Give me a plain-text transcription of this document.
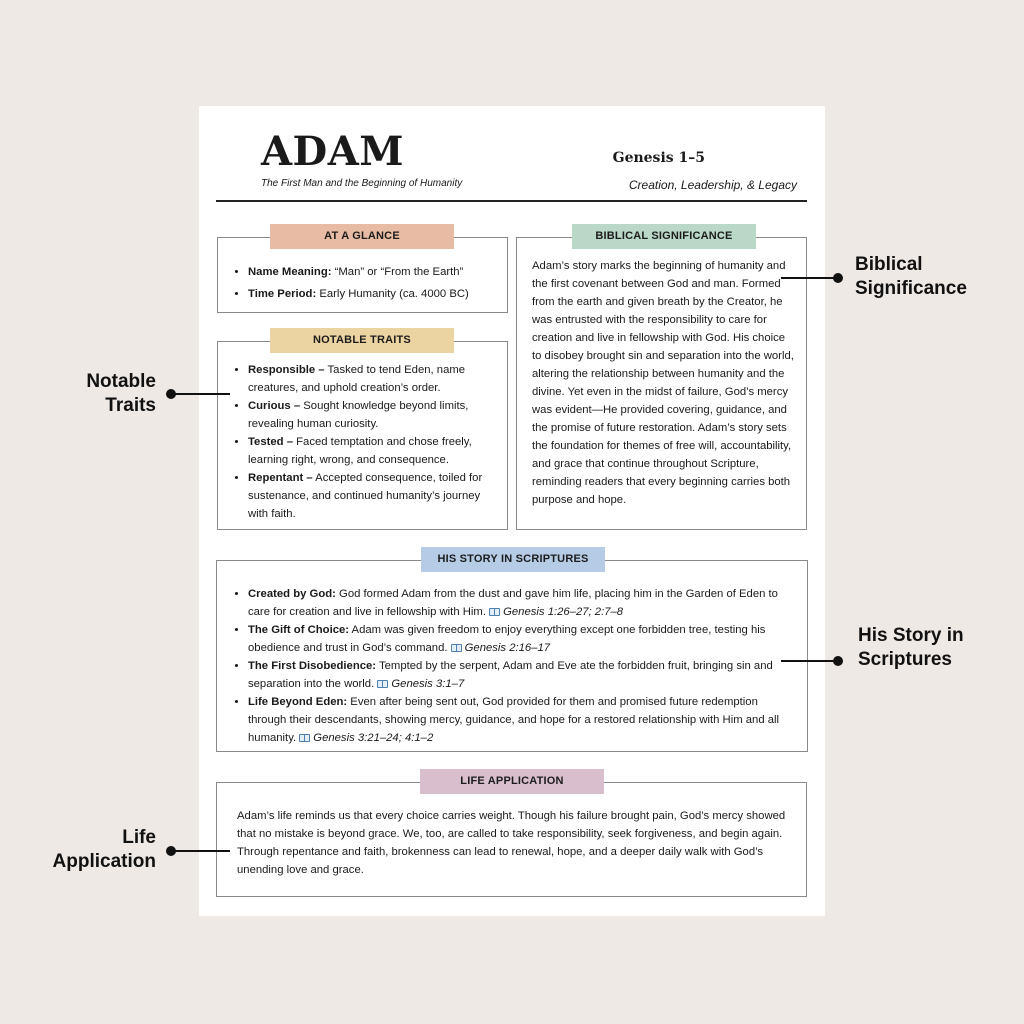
ADAM
The First Man and the Beginning of Humanity
Genesis 1–5
Creation, Leadership, & Legacy
• Name Meaning: “Man” or “From the Earth”
• Time Period: Early Humanity (ca. 4000 BC)
AT A GLANCE
• Responsible – Tasked to tend Eden, name creatures, and uphold creation’s order.
• Curious – Sought knowledge beyond limits, revealing human curiosity.
• Tested – Faced temptation and chose freely, learning right, wrong, and consequence.
• Repentant – Accepted consequence, toiled for sustenance, and continued humanity’s journey with faith.
NOTABLE TRAITS
Adam’s story marks the beginning of humanity and the first covenant between God and man. Formed from the earth and given breath by the Creator, he was entrusted with the responsibility to care for creation and live in fellowship with God. His choice to disobey brought sin and separation into the world, altering the relationship between humanity and the divine. Yet even in the midst of failure, God’s mercy was evident—He provided covering, guidance, and the promise of future restoration. Adam’s story sets the foundation for themes of free will, accountability, and grace that continue throughout Scripture, reminding readers that every beginning carries both purpose and hope.
BIBLICAL SIGNIFICANCE
• Created by God: God formed Adam from the dust and gave him life, placing him in the Garden of Eden to care for creation and live in fellowship with Him. Genesis 1:26–27; 2:7–8
• The Gift of Choice: Adam was given freedom to enjoy everything except one forbidden tree, testing his obedience and trust in God’s command. Genesis 2:16–17
• The First Disobedience: Tempted by the serpent, Adam and Eve ate the forbidden fruit, bringing sin and separation into the world. Genesis 3:1–7
• Life Beyond Eden: Even after being sent out, God provided for them and promised future redemption through their descendants, showing mercy, guidance, and hope for a restored relationship with Him and all humanity. Genesis 3:21–24; 4:1–2
HIS STORY IN SCRIPTURES
Adam’s life reminds us that every choice carries weight. Though his failure brought pain, God’s mercy showed that no mistake is beyond grace. We, too, are called to take responsibility, seek forgiveness, and begin again. Through repentance and faith, brokenness can lead to renewal, hope, and a deeper daily walk with God’s unending love and grace.
LIFE APPLICATION
Notable Traits
Biblical Significance
His Story in Scriptures
Life Application
